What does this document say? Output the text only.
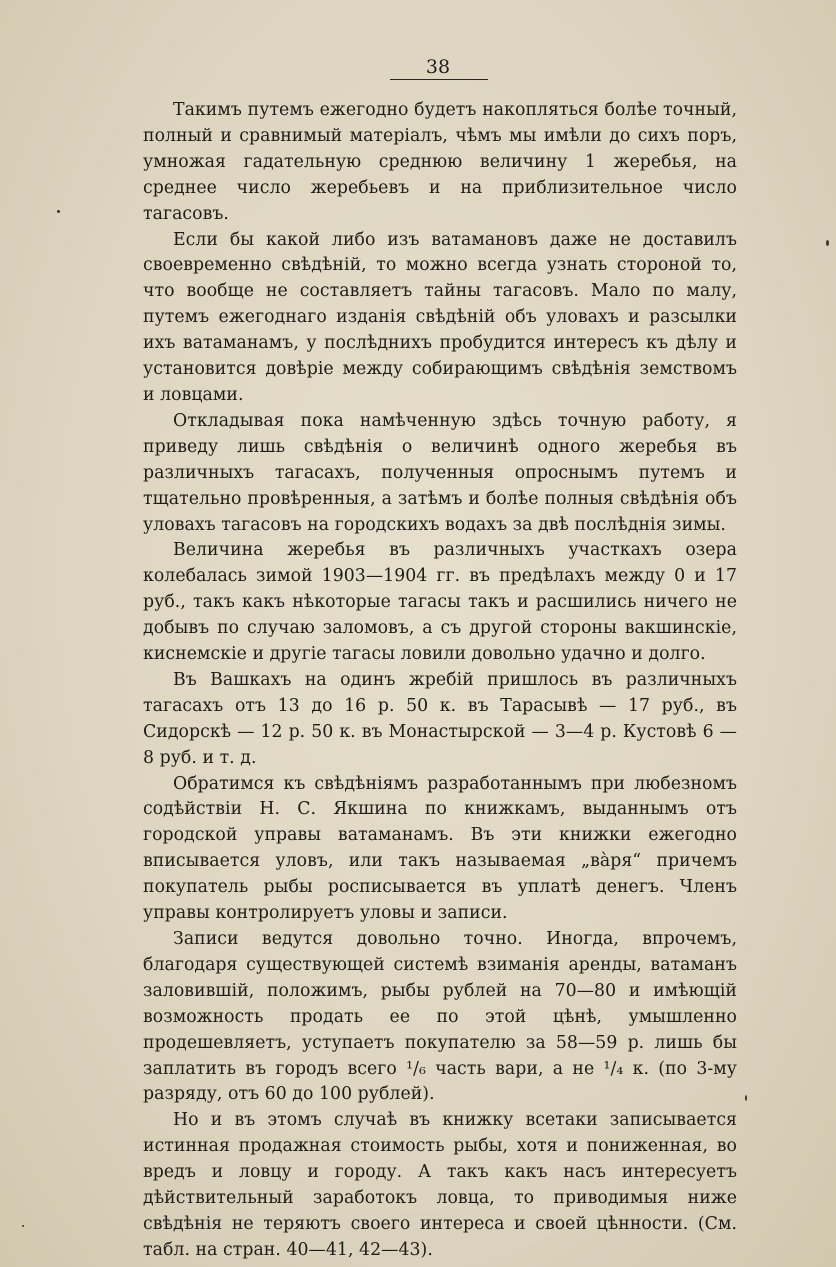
38

Такимъ путемъ ежегодно будетъ накопляться болѣе точный, полный и сравнимый матеріалъ, чѣмъ мы имѣли до сихъ поръ, умножая гадательную среднюю величину 1 жеребья, на среднее число жеребьевъ и на приблизительное число тагасовъ.

Если бы какой либо изъ ватамановъ даже не доставилъ своевременно свѣдѣній, то можно всегда узнать стороной то, что вообще не составляетъ тайны тагасовъ. Мало по малу, путемъ ежегоднаго изданія свѣдѣній объ уловахъ и разсылки ихъ ватаманамъ, у послѣднихъ пробудится интересъ къ дѣлу и установится довѣріе между собирающимъ свѣдѣнія земствомъ и ловцами.

Откладывая пока намѣченную здѣсь точную работу, я приведу лишь свѣдѣнія о величинѣ одного жеребья въ различныхъ тагасахъ, полученныя опроснымъ путемъ и тщательно провѣренныя, а затѣмъ и болѣе полныя свѣдѣнія объ уловахъ тагасовъ на городскихъ водахъ за двѣ послѣднія зимы.

Величина жеребья въ различныхъ участкахъ озера колебалась зимой 1903—1904 гг. въ предѣлахъ между 0 и 17 руб., такъ какъ нѣкоторые тагасы такъ и расшились ничего не добывъ по случаю заломовъ, а съ другой стороны вакшинскіе, киснемскіе и другіе тагасы ловили довольно удачно и долго.

Въ Вашкахъ на одинъ жребій пришлось въ различныхъ тагасахъ отъ 13 до 16 р. 50 к. въ Тарасывѣ — 17 руб., въ Сидорскѣ — 12 р. 50 к. въ Монастырской — 3—4 р. Кустовѣ 6 — 8 руб. и т. д.

Обратимся къ свѣдѣніямъ разработаннымъ при любезномъ содѣйствіи Н. С. Якшина по книжкамъ, выданнымъ отъ городской управы ватаманамъ. Въ эти книжки ежегодно вписывается уловъ, или такъ называемая „вàря“ причемъ покупатель рыбы росписывается въ уплатѣ денегъ. Членъ управы контролируетъ уловы и записи.

Записи ведутся довольно точно. Иногда, впрочемъ, благодаря существующей системѣ взиманія аренды, ватаманъ заловившій, положимъ, рыбы рублей на 70—80 и имѣющій возможность продать ее по этой цѣнѣ, умышленно продешевляетъ, уступаетъ покупателю за 58—59 р. лишь бы заплатить въ городъ всего ¹/₆ часть вари, а не ¹/₄ к. (по 3-му разряду, отъ 60 до 100 рублей).

Но и въ этомъ случаѣ въ книжку всетаки записывается истинная продажная стоимость рыбы, хотя и пониженная, во вредъ и ловцу и городу. А такъ какъ насъ интересуетъ дѣйствительный заработокъ ловца, то приводимыя ниже свѣдѣнія не теряютъ своего интереса и своей цѣнности. (См. табл. на стран. 40—41, 42—43).
